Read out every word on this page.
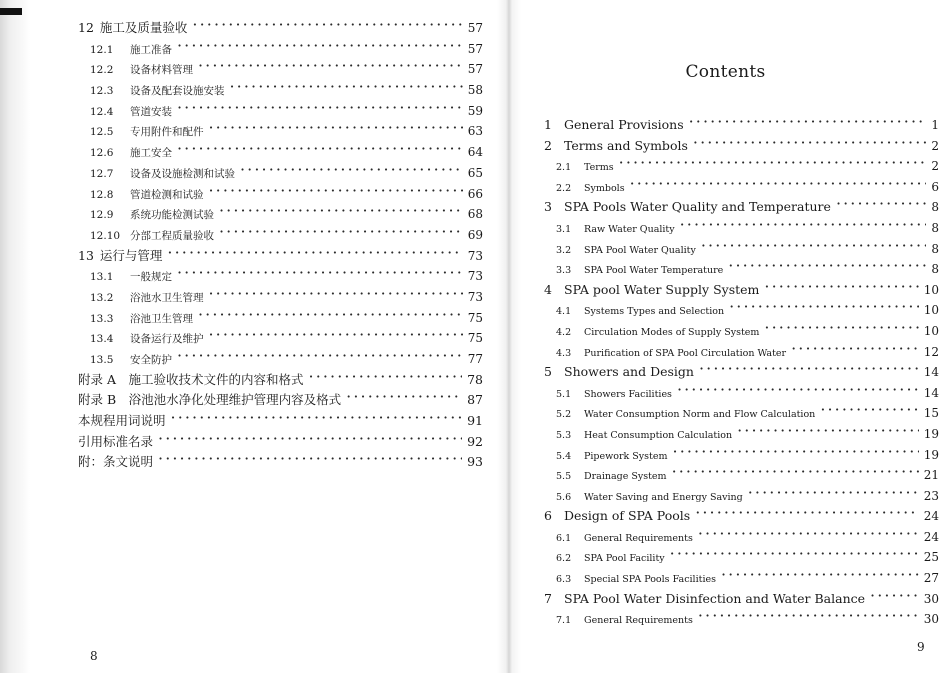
12 施工及质量验收 · · ·	57
12.1	施工准备 · · ·	57
12.2	设备材料管理 · · ·	57
12.3	设备及配套设施安装 · · ·	58
12.4	管道安装 · · ·	59
12.5	专用附件和配件 · · ·	63
12.6	施工安全 · · ·	64
12.7	设备及设施检测和试验 · · ·	65
12.8	管道检测和试验 · · ·	66
12.9	系统功能检测试验 · · ·	68
12.10 分部工程质量验收 · · ·	69
13 运行与管理 · · ·	73
13.1	一般规定 · · ·	73
13.2	浴池水卫生管理 · · ·	73
13.3	浴池卫生管理 · · ·	75
13.4	设备运行及维护 · · ·	75
13.5	安全防护 · · ·	77
附录 A　施工验收技术文件的内容和格式 · · ·	78
附录 B　浴池池水净化处理维护管理内容及格式 · · ·	87
本规程用词说明 · · ·	91
引用标准名录 · · ·	92
附：条文说明 · · ·	93
8
Contents
1 General Provisions · · ·	1
2 Terms and Symbols · · ·	2
2.1	Terms · · ·	2
2.2	Symbols · · ·	6
3 SPA Pools Water Quality and Temperature · · ·	8
3.1	Raw Water Quality · · ·	8
3.2	SPA Pool Water Quality · · ·	8
3.3	SPA Pool Water Temperature · · ·	8
4 SPA pool Water Supply System · · ·	10
4.1	Systems Types and Selection · · ·	10
4.2	Circulation Modes of Supply System · · ·	10
4.3	Purification of SPA Pool Circulation Water · · ·	12
5 Showers and Design · · ·	14
5.1	Showers Facilities · · ·	14
5.2	Water Consumption Norm and Flow Calculation · · ·	15
5.3	Heat Consumption Calculation · · ·	19
5.4	Pipework System · · ·	19
5.5	Drainage System · · ·	21
5.6	Water Saving and Energy Saving · · ·	23
6 Design of SPA Pools · · ·	24
6.1	General Requirements · · ·	24
6.2	SPA Pool Facility · · ·	25
6.3	Special SPA Pools Facilities · · ·	27
7 SPA Pool Water Disinfection and Water Balance · · ·	30
7.1	General Requirements · · ·	30
9
